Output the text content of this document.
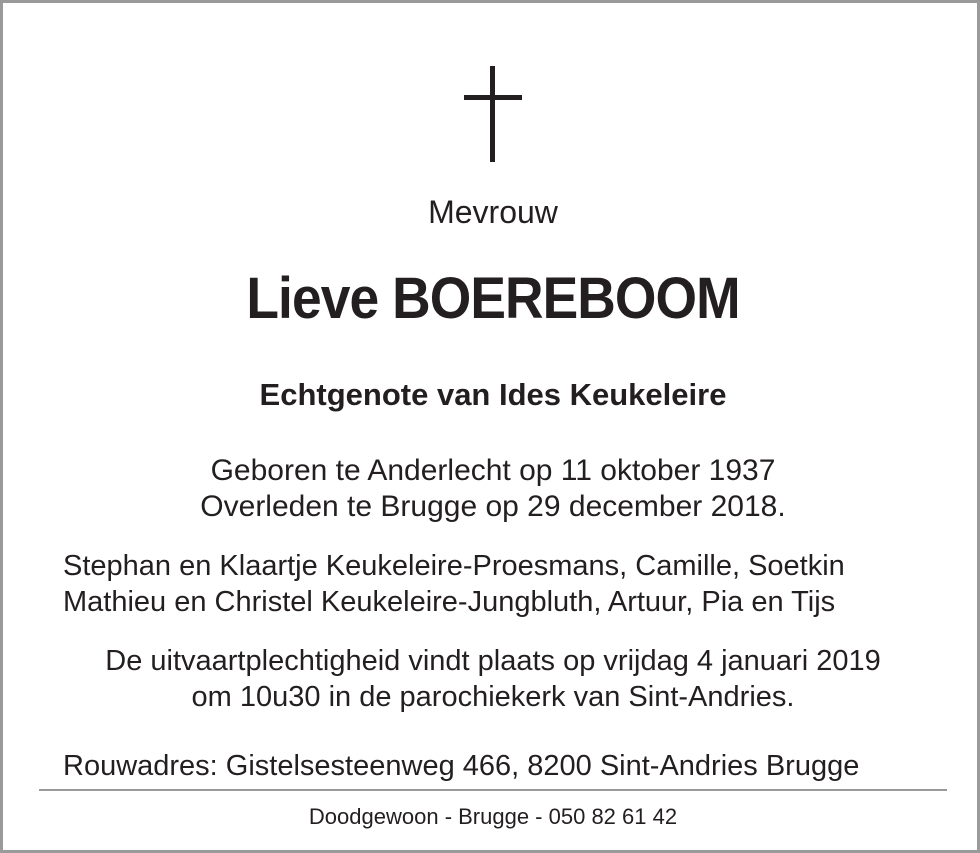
Mevrouw
Lieve BOEREBOOM
Echtgenote van Ides Keukeleire
Geboren te Anderlecht op 11 oktober 1937
Overleden te Brugge op 29 december 2018.
Stephan en Klaartje Keukeleire-Proesmans, Camille, Soetkin
Mathieu en Christel Keukeleire-Jungbluth, Artuur, Pia en Tijs
De uitvaartplechtigheid vindt plaats op vrijdag 4 januari 2019
om 10u30 in de parochiekerk van Sint-Andries.
Rouwadres: Gistelsesteenweg 466, 8200 Sint-Andries Brugge
Doodgewoon - Brugge - 050 82 61 42
